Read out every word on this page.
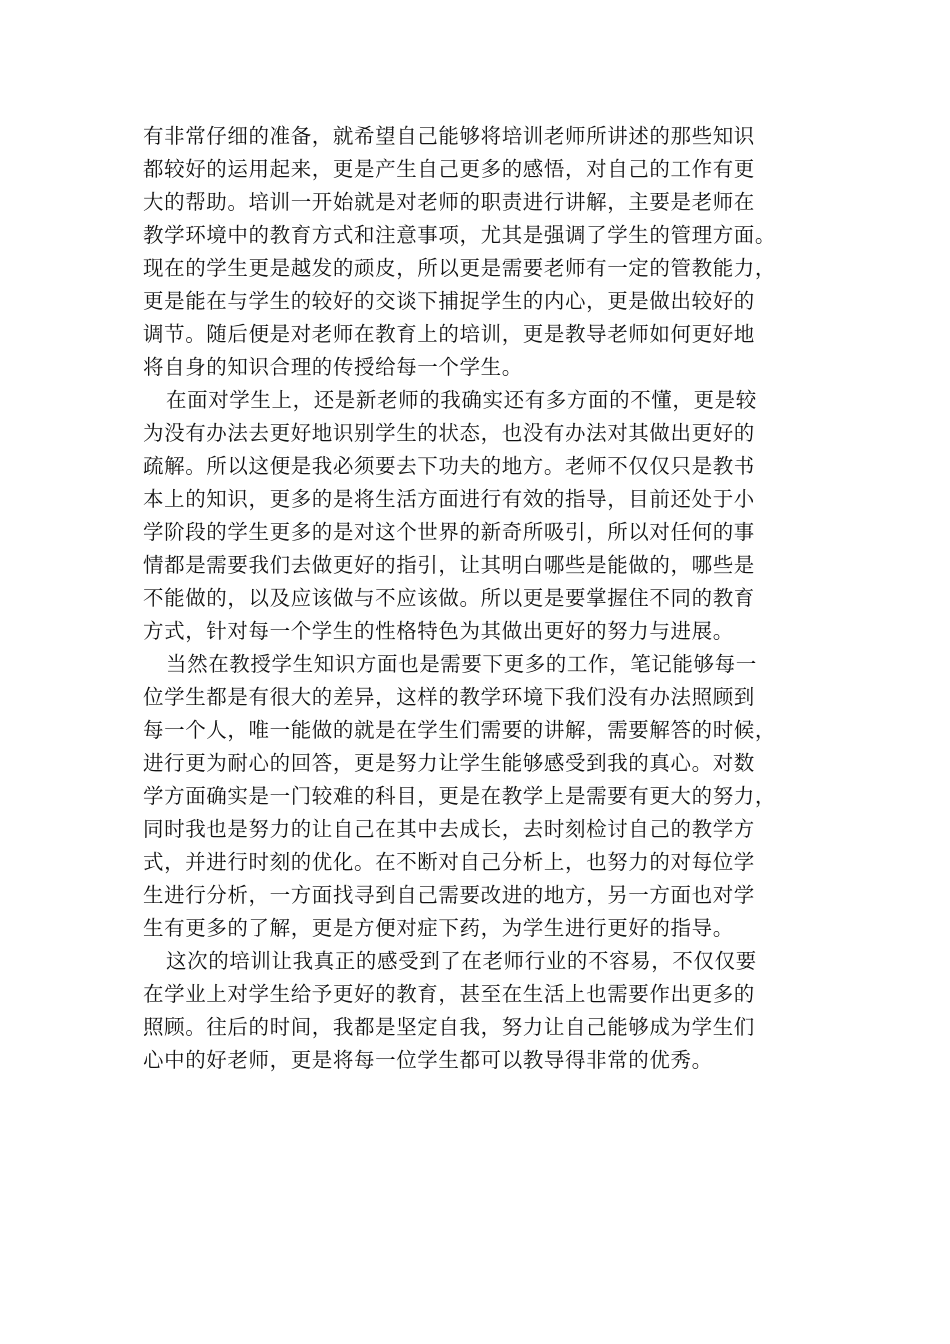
有非常仔细的准备，就希望自己能够将培训老师所讲述的那些知识
都较好的运用起来，更是产生自己更多的感悟，对自己的工作有更
大的帮助。培训一开始就是对老师的职责进行讲解，主要是老师在
教学环境中的教育方式和注意事项，尤其是强调了学生的管理方面。
现在的学生更是越发的顽皮，所以更是需要老师有一定的管教能力，
更是能在与学生的较好的交谈下捕捉学生的内心，更是做出较好的
调节。随后便是对老师在教育上的培训，更是教导老师如何更好地
将自身的知识合理的传授给每一个学生。
在面对学生上，还是新老师的我确实还有多方面的不懂，更是较
为没有办法去更好地识别学生的状态，也没有办法对其做出更好的
疏解。所以这便是我必须要去下功夫的地方。老师不仅仅只是教书
本上的知识，更多的是将生活方面进行有效的指导，目前还处于小
学阶段的学生更多的是对这个世界的新奇所吸引，所以对任何的事
情都是需要我们去做更好的指引，让其明白哪些是能做的，哪些是
不能做的，以及应该做与不应该做。所以更是要掌握住不同的教育
方式，针对每一个学生的性格特色为其做出更好的努力与进展。
当然在教授学生知识方面也是需要下更多的工作，笔记能够每一
位学生都是有很大的差异，这样的教学环境下我们没有办法照顾到
每一个人，唯一能做的就是在学生们需要的讲解，需要解答的时候，
进行更为耐心的回答，更是努力让学生能够感受到我的真心。对数
学方面确实是一门较难的科目，更是在教学上是需要有更大的努力，
同时我也是努力的让自己在其中去成长，去时刻检讨自己的教学方
式，并进行时刻的优化。在不断对自己分析上，也努力的对每位学
生进行分析，一方面找寻到自己需要改进的地方，另一方面也对学
生有更多的了解，更是方便对症下药，为学生进行更好的指导。
这次的培训让我真正的感受到了在老师行业的不容易，不仅仅要
在学业上对学生给予更好的教育，甚至在生活上也需要作出更多的
照顾。往后的时间，我都是坚定自我，努力让自己能够成为学生们
心中的好老师，更是将每一位学生都可以教导得非常的优秀。
